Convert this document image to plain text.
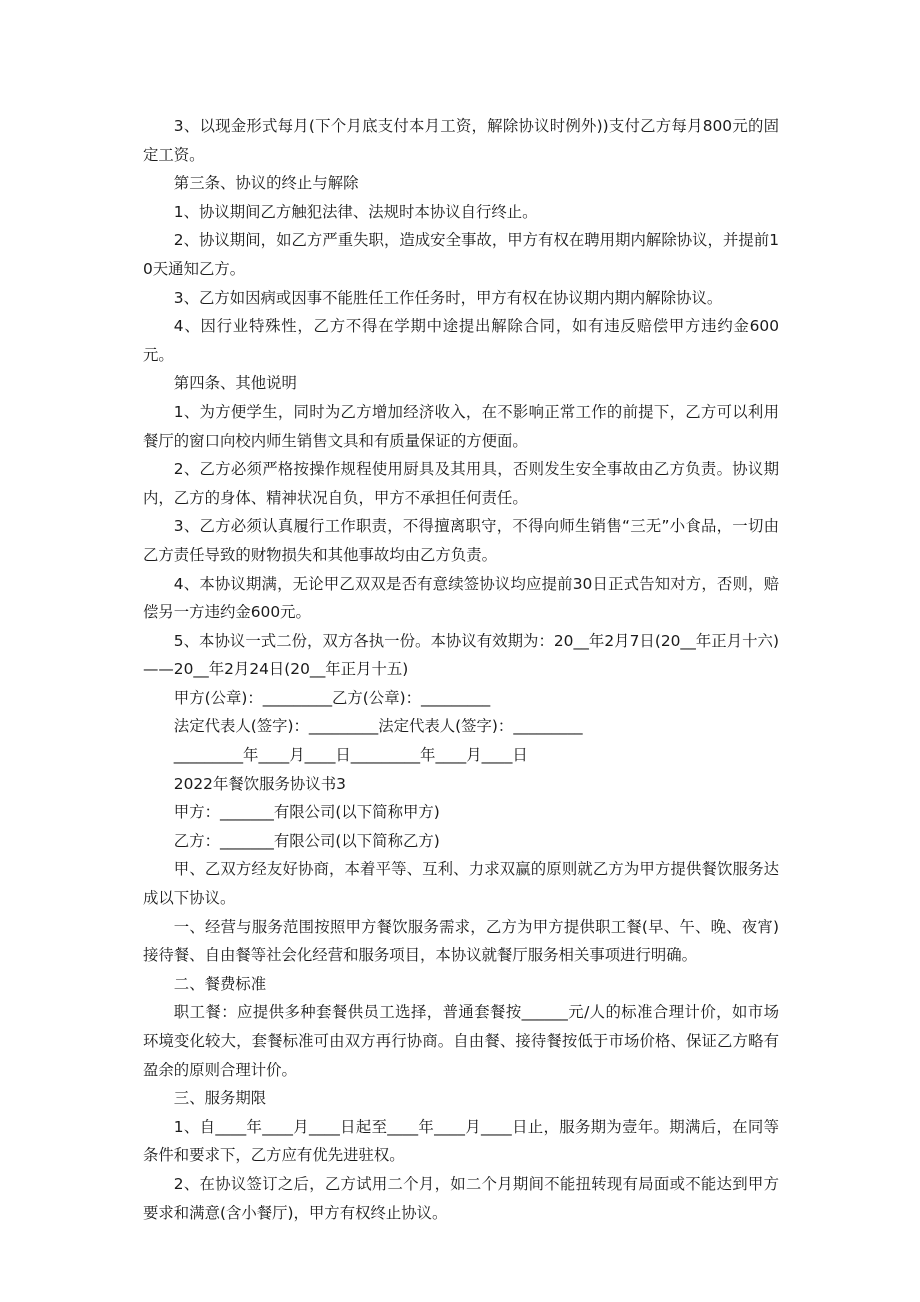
3、以现金形式每月(下个月底支付本月工资，解除协议时例外))支付乙方每月800元的固定工资。

第三条、协议的终止与解除

1、协议期间乙方触犯法律、法规时本协议自行终止。

2、协议期间，如乙方严重失职，造成安全事故，甲方有权在聘用期内解除协议，并提前10天通知乙方。

3、乙方如因病或因事不能胜任工作任务时，甲方有权在协议期内期内解除协议。

4、因行业特殊性，乙方不得在学期中途提出解除合同，如有违反赔偿甲方违约金600元。

第四条、其他说明

1、为方便学生，同时为乙方增加经济收入，在不影响正常工作的前提下，乙方可以利用餐厅的窗口向校内师生销售文具和有质量保证的方便面。

2、乙方必须严格按操作规程使用厨具及其用具，否则发生安全事故由乙方负责。协议期内，乙方的身体、精神状况自负，甲方不承担任何责任。

3、乙方必须认真履行工作职责，不得擅离职守，不得向师生销售“三无”小食品，一切由乙方责任导致的财物损失和其他事故均由乙方负责。

4、本协议期满，无论甲乙双双是否有意续签协议均应提前30日正式告知对方，否则，赔偿另一方违约金600元。

5、本协议一式二份，双方各执一份。本协议有效期为：20__年2月7日(20__年正月十六)——20__年2月24日(20__年正月十五)

甲方(公章)：_________乙方(公章)：_________

法定代表人(签字)：_________法定代表人(签字)：_________

_________年____月____日_________年____月____日

2022年餐饮服务协议书3

甲方：_______有限公司(以下简称甲方)

乙方：_______有限公司(以下简称乙方)

甲、乙双方经友好协商，本着平等、互利、力求双赢的原则就乙方为甲方提供餐饮服务达成以下协议。

一、经营与服务范围按照甲方餐饮服务需求，乙方为甲方提供职工餐(早、午、晚、夜宵)接待餐、自由餐等社会化经营和服务项目，本协议就餐厅服务相关事项进行明确。

二、餐费标准

职工餐：应提供多种套餐供员工选择，普通套餐按______元/人的标准合理计价，如市场环境变化较大，套餐标准可由双方再行协商。自由餐、接待餐按低于市场价格、保证乙方略有盈余的原则合理计价。

三、服务期限

1、自____年____月____日起至____年____月____日止，服务期为壹年。期满后，在同等条件和要求下，乙方应有优先进驻权。

2、在协议签订之后，乙方试用二个月，如二个月期间不能扭转现有局面或不能达到甲方要求和满意(含小餐厅)，甲方有权终止协议。
